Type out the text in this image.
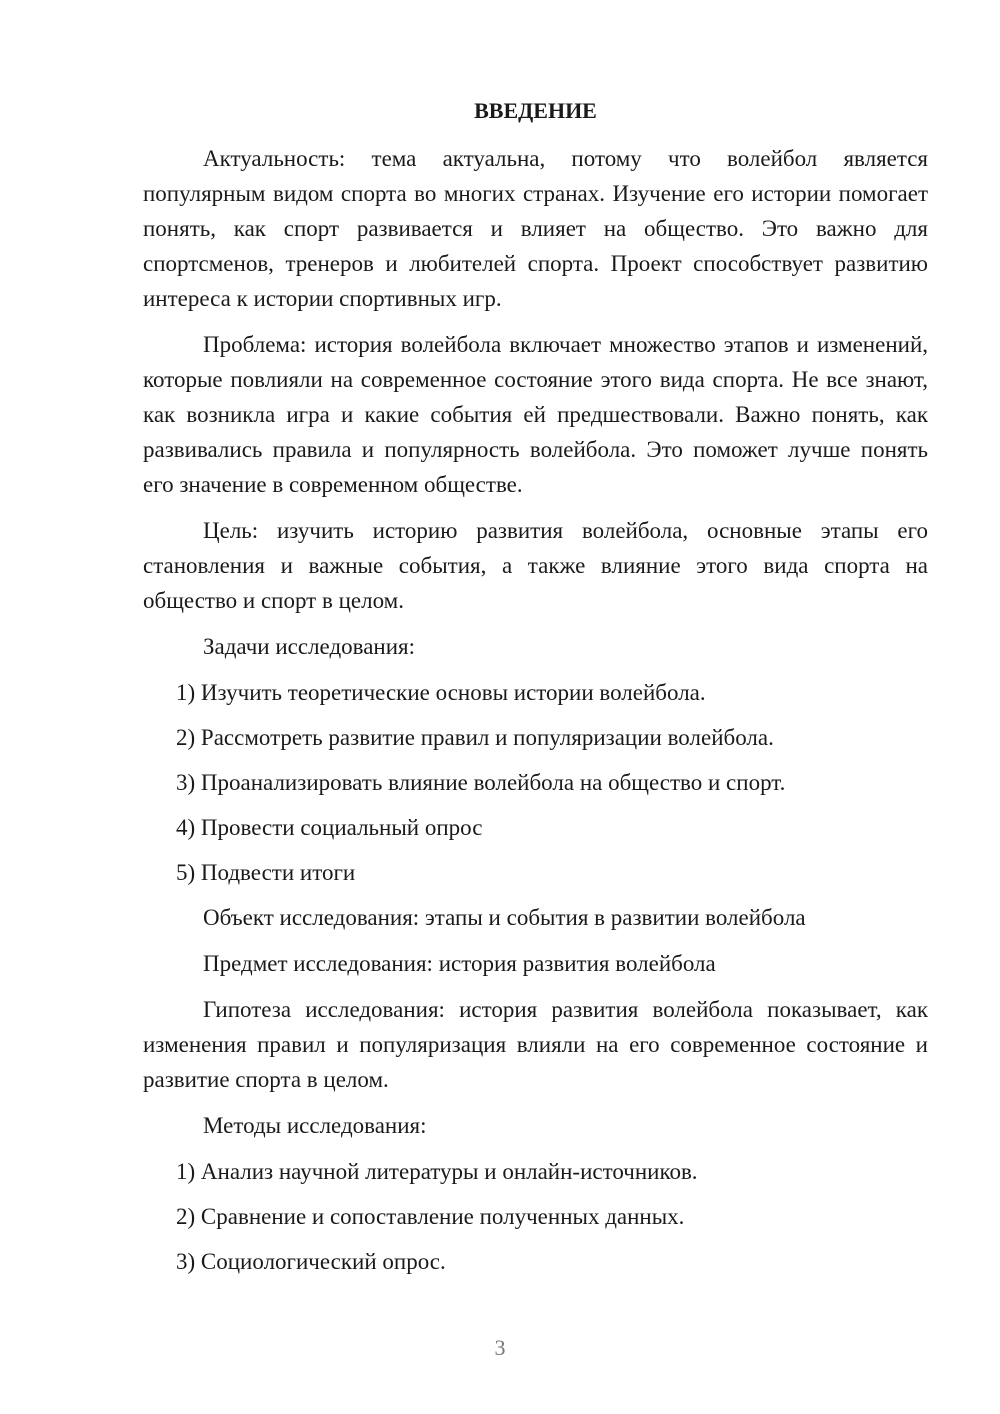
ВВЕДЕНИЕ

Актуальность: тема актуальна, потому что волейбол является популярным видом спорта во многих странах. Изучение его истории помогает понять, как спорт развивается и влияет на общество. Это важно для спортсменов, тренеров и любителей спорта. Проект способствует развитию интереса к истории спортивных игр.

Проблема: история волейбола включает множество этапов и изменений, которые повлияли на современное состояние этого вида спорта. Не все знают, как возникла игра и какие события ей предшествовали. Важно понять, как развивались правила и популярность волейбола. Это поможет лучше понять его значение в современном обществе.

Цель: изучить историю развития волейбола, основные этапы его становления и важные события, а также влияние этого вида спорта на общество и спорт в целом.

Задачи исследования:

1) Изучить теоретические основы истории волейбола.
2) Рассмотреть развитие правил и популяризации волейбола.
3) Проанализировать влияние волейбола на общество и спорт.
4) Провести социальный опрос
5) Подвести итоги

Объект исследования: этапы и события в развитии волейбола

Предмет исследования: история развития волейбола

Гипотеза исследования: история развития волейбола показывает, как изменения правил и популяризация влияли на его современное состояние и развитие спорта в целом.

Методы исследования:

1) Анализ научной литературы и онлайн-источников.
2) Сравнение и сопоставление полученных данных.
3) Социологический опрос.
3
